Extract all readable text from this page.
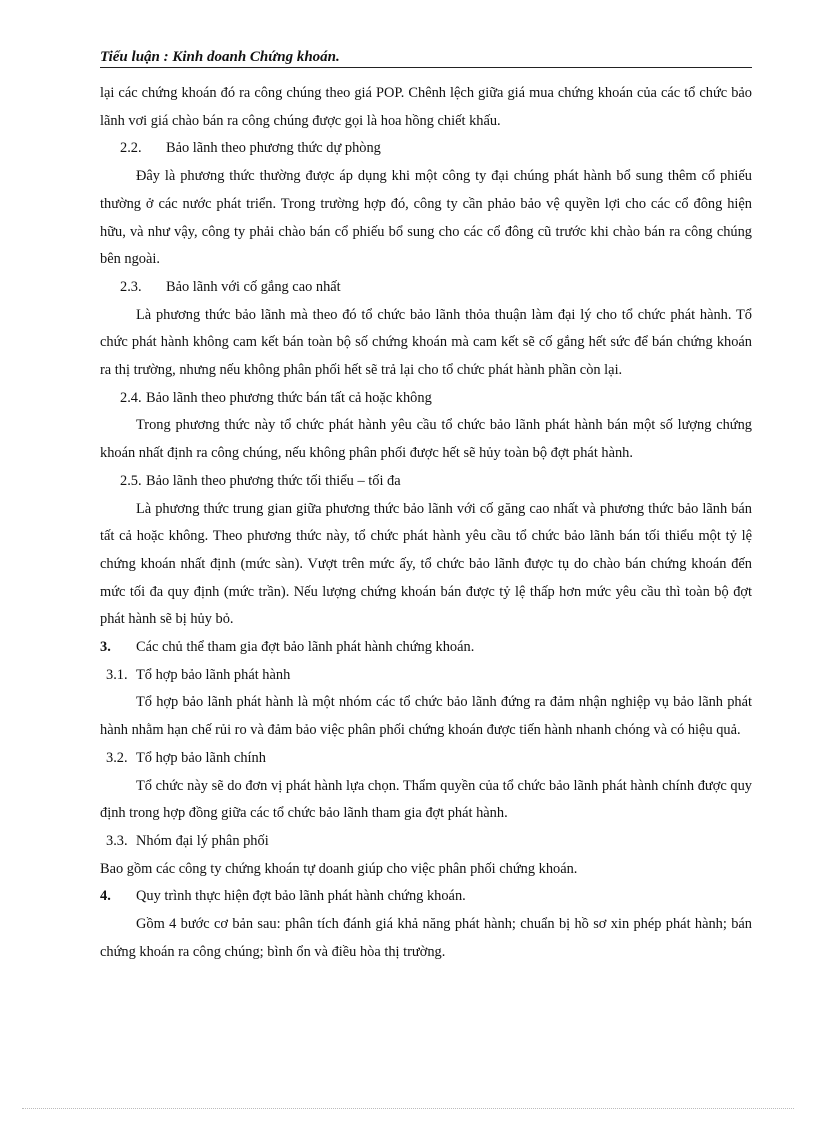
Tiểu luận : Kinh doanh Chứng khoán.

lại các chứng khoán đó ra công chúng theo giá POP. Chênh lệch giữa giá mua chứng khoán của các tổ chức bảo lãnh vơi giá chào bán ra công chúng được gọi là hoa hồng chiết khấu.

2.2. Bảo lãnh theo phương thức dự phòng

Đây là phương thức thường được áp dụng khi một công ty đại chúng phát hành bổ sung thêm cổ phiếu thường ở các nước phát triển. Trong trường hợp đó, công ty cần phảo bảo vệ quyền lợi cho các cổ đông hiện hữu, và như vậy, công ty phải chào bán cổ phiếu bổ sung cho các cổ đông cũ trước khi chào bán ra công chúng bên ngoài.

2.3. Bảo lãnh với cố gắng cao nhất

Là phương thức bảo lãnh mà theo đó tổ chức bảo lãnh thỏa thuận làm đại lý cho tổ chức phát hành. Tổ chức phát hành không cam kết bán toàn bộ số chứng khoán mà cam kết sẽ cố gắng hết sức để bán chứng khoán ra thị trường, nhưng nếu không phân phối hết sẽ trả lại cho tổ chức phát hành phần còn lại.

2.4. Bảo lãnh theo phương thức bán tất cả hoặc không

Trong phương thức này tổ chức phát hành yêu cầu tổ chức bảo lãnh phát hành bán một số lượng chứng khoán nhất định ra công chúng, nếu không phân phối được hết sẽ hủy toàn bộ đợt phát hành.

2.5. Bảo lãnh theo phương thức tối thiểu – tối đa

Là phương thức trung gian giữa phương thức bảo lãnh với cố găng cao nhất và phương thức bảo lãnh bán tất cả hoặc không. Theo phương thức này, tổ chức phát hành yêu cầu tổ chức bảo lãnh bán tối thiểu một tỷ lệ chứng khoán nhất định (mức sàn). Vượt trên mức ấy, tổ chức bảo lãnh được tụ do chào bán chứng khoán đến mức tối đa quy định (mức trần). Nếu lượng chứng khoán bán được tỷ lệ thấp hơn mức yêu cầu thì toàn bộ đợt phát hành sẽ bị hủy bỏ.

3. Các chủ thể tham gia đợt bảo lãnh phát hành chứng khoán.

3.1. Tổ hợp bảo lãnh phát hành

Tổ hợp bảo lãnh phát hành là một nhóm các tổ chức bảo lãnh đứng ra đảm nhận nghiệp vụ bảo lãnh phát hành nhằm hạn chế rủi ro và đảm bảo việc phân phối chứng khoán được tiến hành nhanh chóng và có hiệu quả.

3.2. Tổ hợp bảo lãnh chính

Tổ chức này sẽ do đơn vị phát hành lựa chọn. Thẩm quyền của tổ chức bảo lãnh phát hành chính được quy định trong hợp đồng giữa các tổ chức bảo lãnh tham gia đợt phát hành.

3.3. Nhóm đại lý phân phối

Bao gồm các công ty chứng khoán tự doanh giúp cho việc phân phối chứng khoán.

4. Quy trình thực hiện đợt bảo lãnh phát hành chứng khoán.

Gồm 4 bước cơ bản sau: phân tích đánh giá khả năng phát hành; chuẩn bị hồ sơ xin phép phát hành; bán chứng khoán ra công chúng; bình ổn và điều hòa thị trường.
